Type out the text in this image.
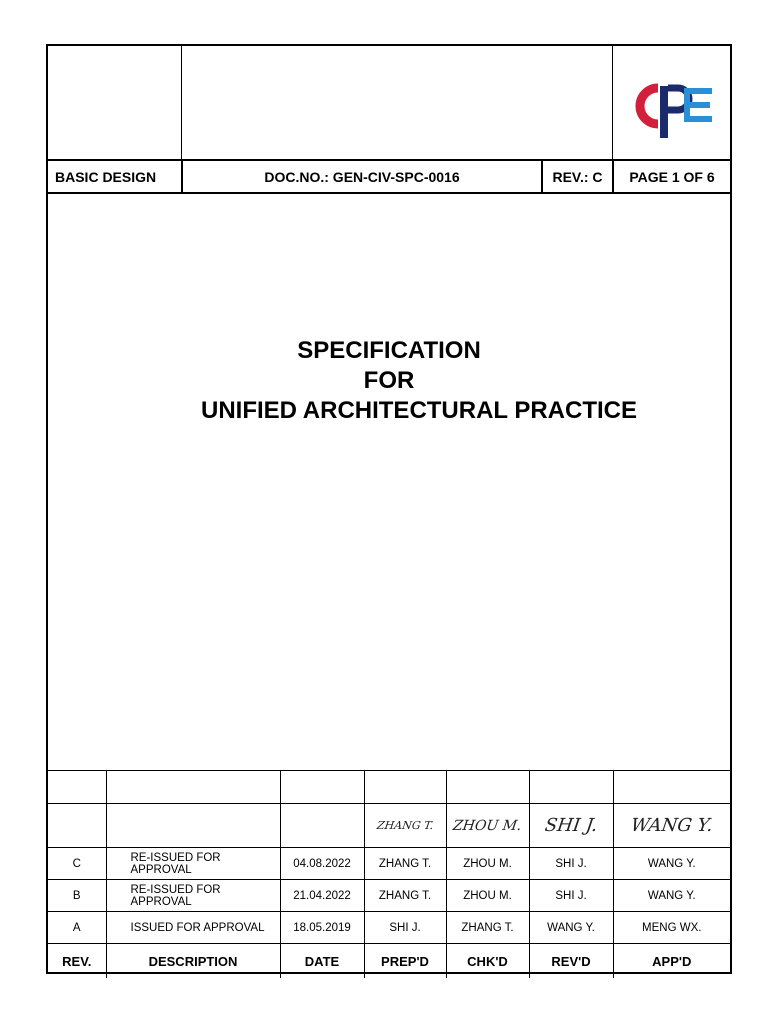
BASIC DESIGN	DOC.NO.: GEN-CIV-SPC-0016	REV.: C	PAGE 1 OF 6
SPECIFICATION
FOR
UNIFIED ARCHITECTURAL PRACTICE

			ZHANG T.	ZHOU M.	SHI J.	WANG Y.
C	RE-ISSUED FOR APPROVAL	04.08.2022	ZHANG T.	ZHOU M.	SHI J.	WANG Y.
B	RE-ISSUED FOR APPROVAL	21.04.2022	ZHANG T.	ZHOU M.	SHI J.	WANG Y.
A	ISSUED FOR APPROVAL	18.05.2019	SHI J.	ZHANG T.	WANG Y.	MENG WX.
REV.	DESCRIPTION	DATE	PREP'D	CHK'D	REV'D	APP'D
